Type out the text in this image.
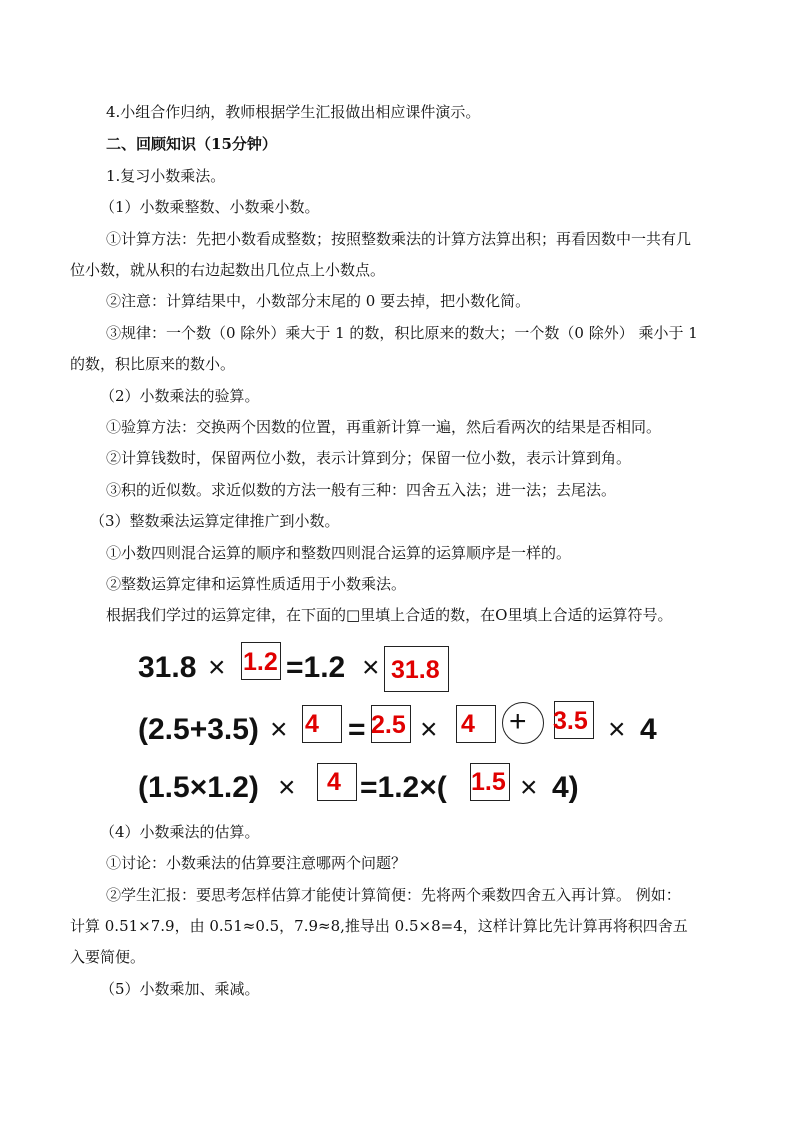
4.小组合作归纳，教师根据学生汇报做出相应课件演示。
二、回顾知识（15分钟）
1.复习小数乘法。
（1）小数乘整数、小数乘小数。
①计算方法：先把小数看成整数；按照整数乘法的计算方法算出积；再看因数中一共有几
位小数，就从积的右边起数出几位点上小数点。
②注意：计算结果中，小数部分末尾的 0 要去掉，把小数化简。
③规律：一个数（0 除外）乘大于 1 的数，积比原来的数大；一个数（0 除外） 乘小于 1
的数，积比原来的数小。
（2）小数乘法的验算。
①验算方法：交换两个因数的位置，再重新计算一遍，然后看两次的结果是否相同。
②计算钱数时，保留两位小数，表示计算到分；保留一位小数，表示计算到角。
③积的近似数。求近似数的方法一般有三种：四舍五入法；进一法；去尾法。
（3）整数乘法运算定律推广到小数。
①小数四则混合运算的顺序和整数四则混合运算的运算顺序是一样的。
②整数运算定律和运算性质适用于小数乘法。
根据我们学过的运算定律，在下面的□里填上合适的数，在O里填上合适的运算符号。
31.8 × =1.2 ×
1.2	31.8
(2.5+3.5) × = ×	× 4
4 2.5 4 + 3.5
(1.5×1.2) × =1.2×( × 4)
4	1.5
（4）小数乘法的估算。
①讨论：小数乘法的估算要注意哪两个问题？
②学生汇报：要思考怎样估算才能使计算简便：先将两个乘数四舍五入再计算。 例如：
计算 0.51×7.9，由 0.51≈0.5，7.9≈8,推导出 0.5×8=4，这样计算比先计算再将积四舍五
入要简便。
（5）小数乘加、乘减。
